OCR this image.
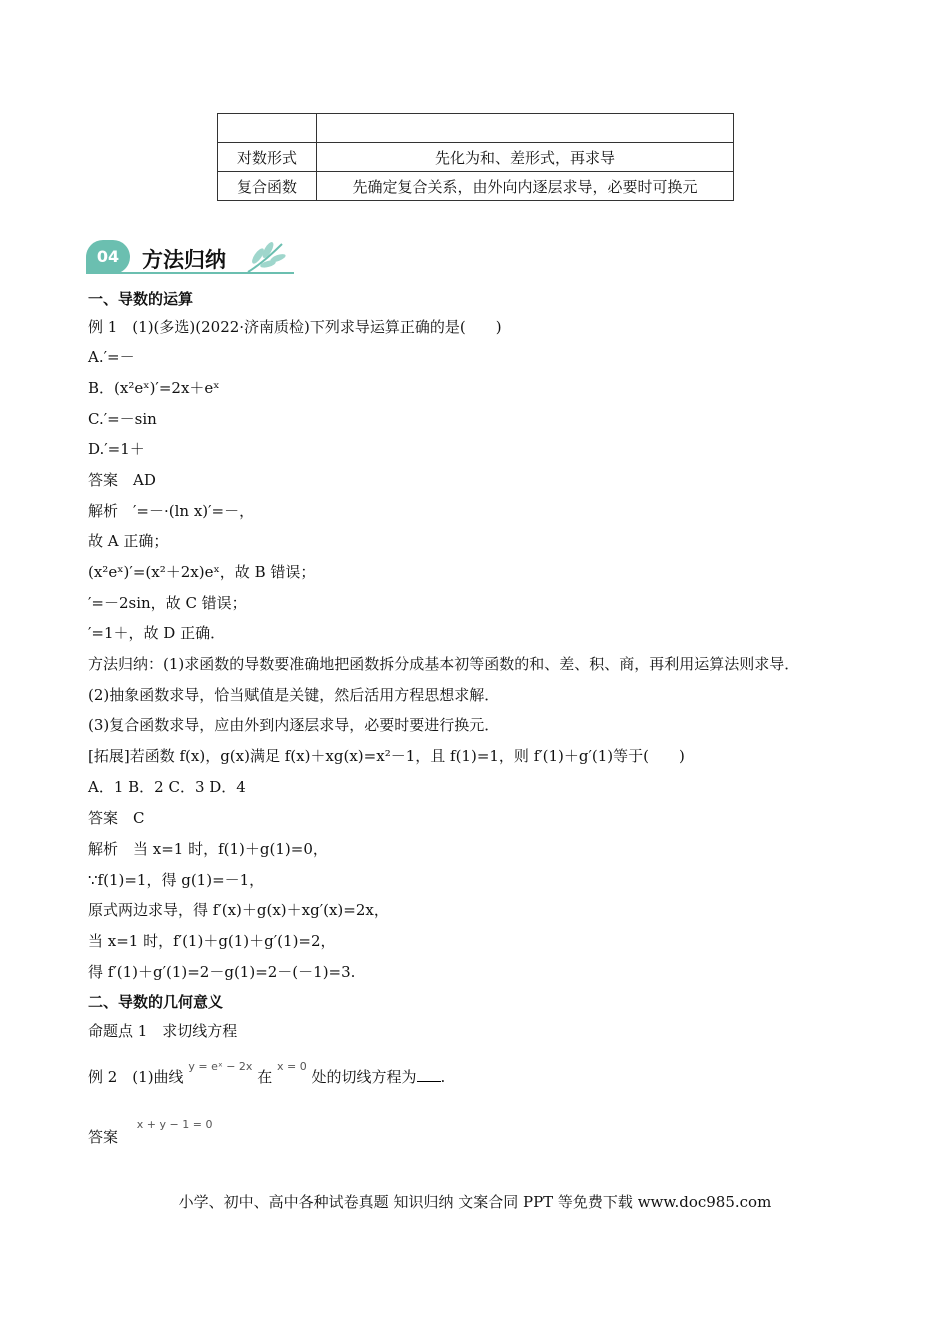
对数形式	先化为和、差形式，再求导
复合函数	先确定复合关系，由外向内逐层求导，必要时可换元
04	方法归纳
一、导数的运算
例 1　(1)(多选)(2022·济南质检)下列求导运算正确的是(　　)
A.′=－
B．(x²eˣ)′=2x＋eˣ
C.′=－sin
D.′=1＋
答案　AD
解析　′=－·(ln x)′=－，
故 A 正确；
(x²eˣ)′=(x²＋2x)eˣ，故 B 错误；
′=－2sin，故 C 错误；
′=1＋，故 D 正确．
方法归纳：(1)求函数的导数要准确地把函数拆分成基本初等函数的和、差、积、商，再利用运算法则求导．
(2)抽象函数求导，恰当赋值是关键，然后活用方程思想求解．
(3)复合函数求导，应由外到内逐层求导，必要时要进行换元．
[拓展]若函数 f(x)，g(x)满足 f(x)＋xg(x)=x²－1，且 f(1)=1，则 f′(1)＋g′(1)等于(　　)
A．1 B．2 C．3 D．4
答案　C
解析　当 x=1 时，f(1)＋g(1)=0，
∵f(1)=1，得 g(1)=－1，
原式两边求导，得 f′(x)＋g(x)＋xg′(x)=2x，
当 x=1 时，f′(1)＋g(1)＋g′(1)=2，
得 f′(1)＋g′(1)=2－g(1)=2－(－1)=3.
二、导数的几何意义
命题点 1　求切线方程
例 2　(1)曲线 $^{y = eˣ - 2x}$ 在 $^{x = 0}$ 处的切线方程为 .
答案 $^{x + y - 1 = 0}$
小学、初中、高中各种试卷真题 知识归纳 文案合同 PPT 等免费下载 www.doc985.com
